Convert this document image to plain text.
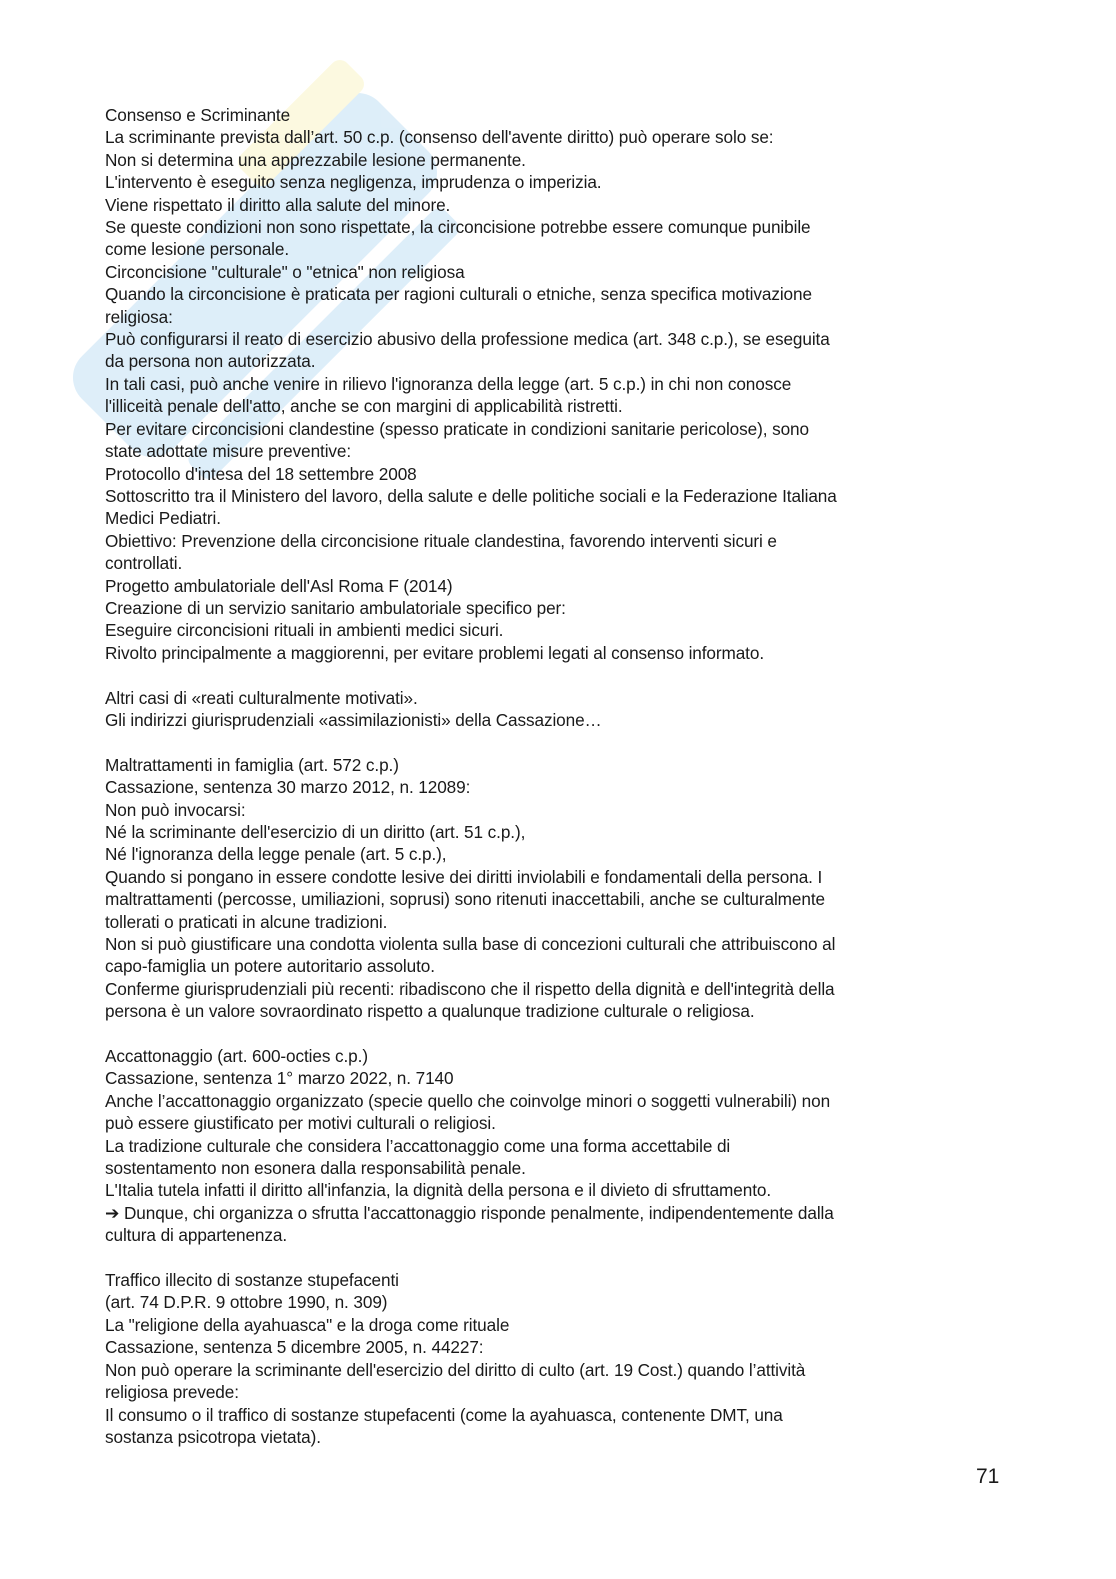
Consenso e Scriminante
La scriminante prevista dall’art. 50 c.p. (consenso dell'avente diritto) può operare solo se:
Non si determina una apprezzabile lesione permanente.
L'intervento è eseguito senza negligenza, imprudenza o imperizia.
Viene rispettato il diritto alla salute del minore.
Se queste condizioni non sono rispettate, la circoncisione potrebbe essere comunque punibile
come lesione personale.
Circoncisione "culturale" o "etnica" non religiosa
Quando la circoncisione è praticata per ragioni culturali o etniche, senza specifica motivazione
religiosa:
Può configurarsi il reato di esercizio abusivo della professione medica (art. 348 c.p.), se eseguita
da persona non autorizzata.
In tali casi, può anche venire in rilievo l'ignoranza della legge (art. 5 c.p.) in chi non conosce
l'illiceità penale dell'atto, anche se con margini di applicabilità ristretti.
Per evitare circoncisioni clandestine (spesso praticate in condizioni sanitarie pericolose), sono
state adottate misure preventive:
Protocollo d'intesa del 18 settembre 2008
Sottoscritto tra il Ministero del lavoro, della salute e delle politiche sociali e la Federazione Italiana
Medici Pediatri.
Obiettivo: Prevenzione della circoncisione rituale clandestina, favorendo interventi sicuri e
controllati.
Progetto ambulatoriale dell'Asl Roma F (2014)
Creazione di un servizio sanitario ambulatoriale specifico per:
Eseguire circoncisioni rituali in ambienti medici sicuri.
Rivolto principalmente a maggiorenni, per evitare problemi legati al consenso informato.
Altri casi di «reati culturalmente motivati».
Gli indirizzi giurisprudenziali «assimilazionisti» della Cassazione…
Maltrattamenti in famiglia (art. 572 c.p.)
Cassazione, sentenza 30 marzo 2012, n. 12089:
Non può invocarsi:
Né la scriminante dell'esercizio di un diritto (art. 51 c.p.),
Né l'ignoranza della legge penale (art. 5 c.p.),
Quando si pongano in essere condotte lesive dei diritti inviolabili e fondamentali della persona. I
maltrattamenti (percosse, umiliazioni, soprusi) sono ritenuti inaccettabili, anche se culturalmente
tollerati o praticati in alcune tradizioni.
Non si può giustificare una condotta violenta sulla base di concezioni culturali che attribuiscono al
capo-famiglia un potere autoritario assoluto.
Conferme giurisprudenziali più recenti: ribadiscono che il rispetto della dignità e dell'integrità della
persona è un valore sovraordinato rispetto a qualunque tradizione culturale o religiosa.
Accattonaggio (art. 600-octies c.p.)
Cassazione, sentenza 1° marzo 2022, n. 7140
Anche l’accattonaggio organizzato (specie quello che coinvolge minori o soggetti vulnerabili) non
può essere giustificato per motivi culturali o religiosi.
La tradizione culturale che considera l’accattonaggio come una forma accettabile di
sostentamento non esonera dalla responsabilità penale.
L'Italia tutela infatti il diritto all'infanzia, la dignità della persona e il divieto di sfruttamento.
➔ Dunque, chi organizza o sfrutta l'accattonaggio risponde penalmente, indipendentemente dalla
cultura di appartenenza.
Traffico illecito di sostanze stupefacenti
(art. 74 D.P.R. 9 ottobre 1990, n. 309)
La "religione della ayahuasca" e la droga come rituale
Cassazione, sentenza 5 dicembre 2005, n. 44227:
Non può operare la scriminante dell'esercizio del diritto di culto (art. 19 Cost.) quando l’attività
religiosa prevede:
Il consumo o il traffico di sostanze stupefacenti (come la ayahuasca, contenente DMT, una
sostanza psicotropa vietata).
71
